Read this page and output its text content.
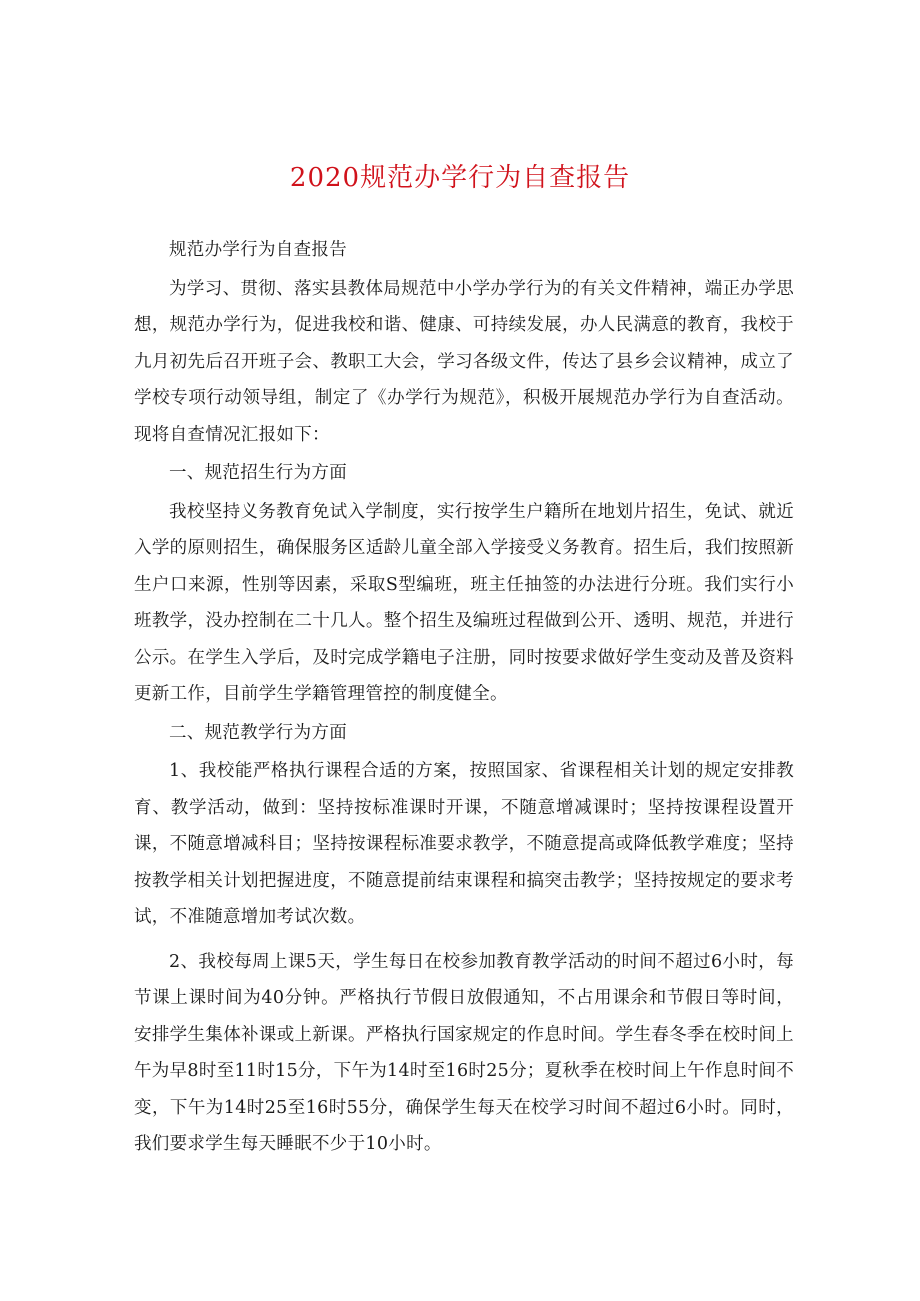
2020规范办学行为自查报告

规范办学行为自查报告

为学习、贯彻、落实县教体局规范中小学办学行为的有关文件精神，端正办学思想，规范办学行为，促进我校和谐、健康、可持续发展，办人民满意的教育，我校于九月初先后召开班子会、教职工大会，学习各级文件，传达了县乡会议精神，成立了学校专项行动领导组，制定了《办学行为规范》，积极开展规范办学行为自查活动。现将自查情况汇报如下：

一、规范招生行为方面

我校坚持义务教育免试入学制度，实行按学生户籍所在地划片招生，免试、就近入学的原则招生，确保服务区适龄儿童全部入学接受义务教育。招生后，我们按照新生户口来源，性别等因素，采取S型编班，班主任抽签的办法进行分班。我们实行小班教学，没办控制在二十几人。整个招生及编班过程做到公开、透明、规范，并进行公示。在学生入学后，及时完成学籍电子注册，同时按要求做好学生变动及普及资料更新工作，目前学生学籍管理管控的制度健全。

二、规范教学行为方面

1、我校能严格执行课程合适的方案，按照国家、省课程相关计划的规定安排教育、教学活动，做到：坚持按标准课时开课，不随意增减课时；坚持按课程设置开课，不随意增减科目；坚持按课程标准要求教学，不随意提高或降低教学难度；坚持按教学相关计划把握进度，不随意提前结束课程和搞突击教学；坚持按规定的要求考试，不准随意增加考试次数。

2、我校每周上课5天，学生每日在校参加教育教学活动的时间不超过6小时，每节课上课时间为40分钟。严格执行节假日放假通知，不占用课余和节假日等时间，安排学生集体补课或上新课。严格执行国家规定的作息时间。学生春冬季在校时间上午为早8时至11时15分，下午为14时至16时25分；夏秋季在校时间上午作息时间不变，下午为14时25至16时55分，确保学生每天在校学习时间不超过6小时。同时，我们要求学生每天睡眠不少于10小时。
